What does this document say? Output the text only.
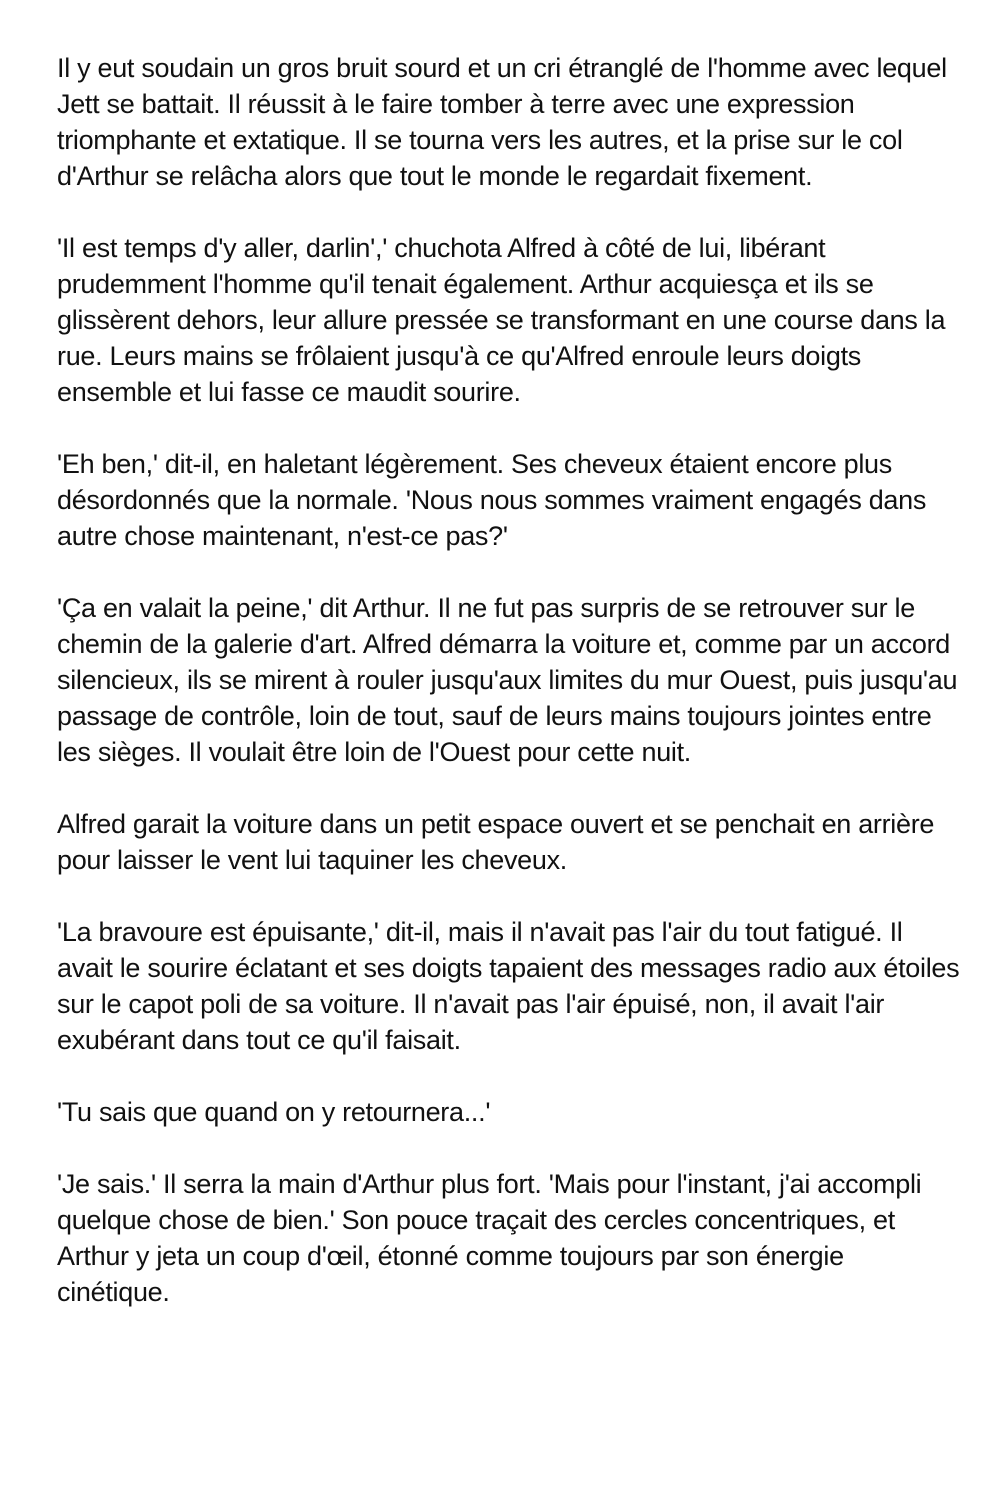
Il y eut soudain un gros bruit sourd et un cri étranglé de l'homme avec lequel Jett se battait. Il réussit à le faire tomber à terre avec une expression triomphante et extatique. Il se tourna vers les autres, et la prise sur le col d'Arthur se relâcha alors que tout le monde le regardait fixement.

'Il est temps d'y aller, darlin',' chuchota Alfred à côté de lui, libérant prudemment l'homme qu'il tenait également. Arthur acquiesça et ils se glissèrent dehors, leur allure pressée se transformant en une course dans la rue. Leurs mains se frôlaient jusqu'à ce qu'Alfred enroule leurs doigts ensemble et lui fasse ce maudit sourire.

'Eh ben,' dit-il, en haletant légèrement. Ses cheveux étaient encore plus désordonnés que la normale. 'Nous nous sommes vraiment engagés dans autre chose maintenant, n'est-ce pas?'

'Ça en valait la peine,' dit Arthur. Il ne fut pas surpris de se retrouver sur le chemin de la galerie d'art. Alfred démarra la voiture et, comme par un accord silencieux, ils se mirent à rouler jusqu'aux limites du mur Ouest, puis jusqu'au passage de contrôle, loin de tout, sauf de leurs mains toujours jointes entre les sièges. Il voulait être loin de l'Ouest pour cette nuit.

Alfred garait la voiture dans un petit espace ouvert et se penchait en arrière pour laisser le vent lui taquiner les cheveux.

'La bravoure est épuisante,' dit-il, mais il n'avait pas l'air du tout fatigué. Il avait le sourire éclatant et ses doigts tapaient des messages radio aux étoiles sur le capot poli de sa voiture. Il n'avait pas l'air épuisé, non, il avait l'air exubérant dans tout ce qu'il faisait.

'Tu sais que quand on y retournera...'

'Je sais.' Il serra la main d'Arthur plus fort. 'Mais pour l'instant, j'ai accompli quelque chose de bien.' Son pouce traçait des cercles concentriques, et Arthur y jeta un coup d'œil, étonné comme toujours par son énergie cinétique.
